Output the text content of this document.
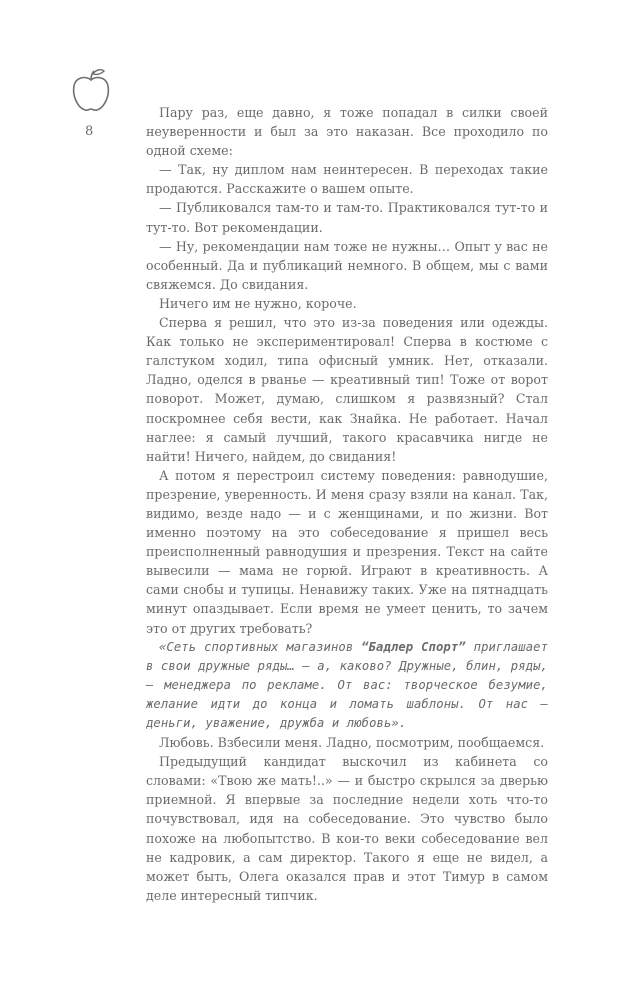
8

Пару раз, еще давно, я тоже попадал в силки своей неуверенности и был за это наказан. Все проходило по одной схеме:

— Так, ну диплом нам неинтересен. В переходах такие продаются. Расскажите о вашем опыте.

— Публиковался там-то и там-то. Практиковался тут-то и тут-то. Вот рекомендации.

— Ну, рекомендации нам тоже не нужны… Опыт у вас не особенный. Да и публикаций немного. В общем, мы с вами свяжемся. До свидания.

Ничего им не нужно, короче.

Сперва я решил, что это из-за поведения или одежды. Как только не экспериментировал! Сперва в костюме с галстуком ходил, типа офисный умник. Нет, отказали. Ладно, оделся в рванье — креативный тип! Тоже от ворот поворот. Может, думаю, слишком я развязный? Стал поскромнее себя вести, как Знайка. Не работает. Начал наглее: я самый лучший, такого красавчика нигде не найти! Ничего, найдем, до свидания!

А потом я перестроил систему поведения: равнодушие, презрение, уверенность. И меня сразу взяли на канал. Так, видимо, везде надо — и с женщинами, и по жизни. Вот именно поэтому на это собеседование я пришел весь преисполненный равнодушия и презрения. Текст на сайте вывесили — мама не горюй. Играют в креативность. А сами снобы и тупицы. Ненавижу таких. Уже на пятнадцать минут опаздывает. Если время не умеет ценить, то зачем это от других требовать?

«Сеть спортивных магазинов “Бадлер Спорт” приглашает в свои дружные ряды… — а, каково? Дружные, блин, ряды, — менеджера по рекламе. От вас: творческое безумие, желание идти до конца и ломать шаблоны. От нас — деньги, уважение, дружба и любовь».

Любовь. Взбесили меня. Ладно, посмотрим, пообщаемся.

Предыдущий кандидат выскочил из кабинета со словами: «Твою же мать!..» — и быстро скрылся за дверью приемной. Я впервые за последние недели хоть что-то почувствовал, идя на собеседование. Это чувство было похоже на любопытство. В кои-то веки собеседование вел не кадровик, а сам директор. Такого я еще не видел, а может быть, Олега оказался прав и этот Тимур в самом деле интересный типчик.
